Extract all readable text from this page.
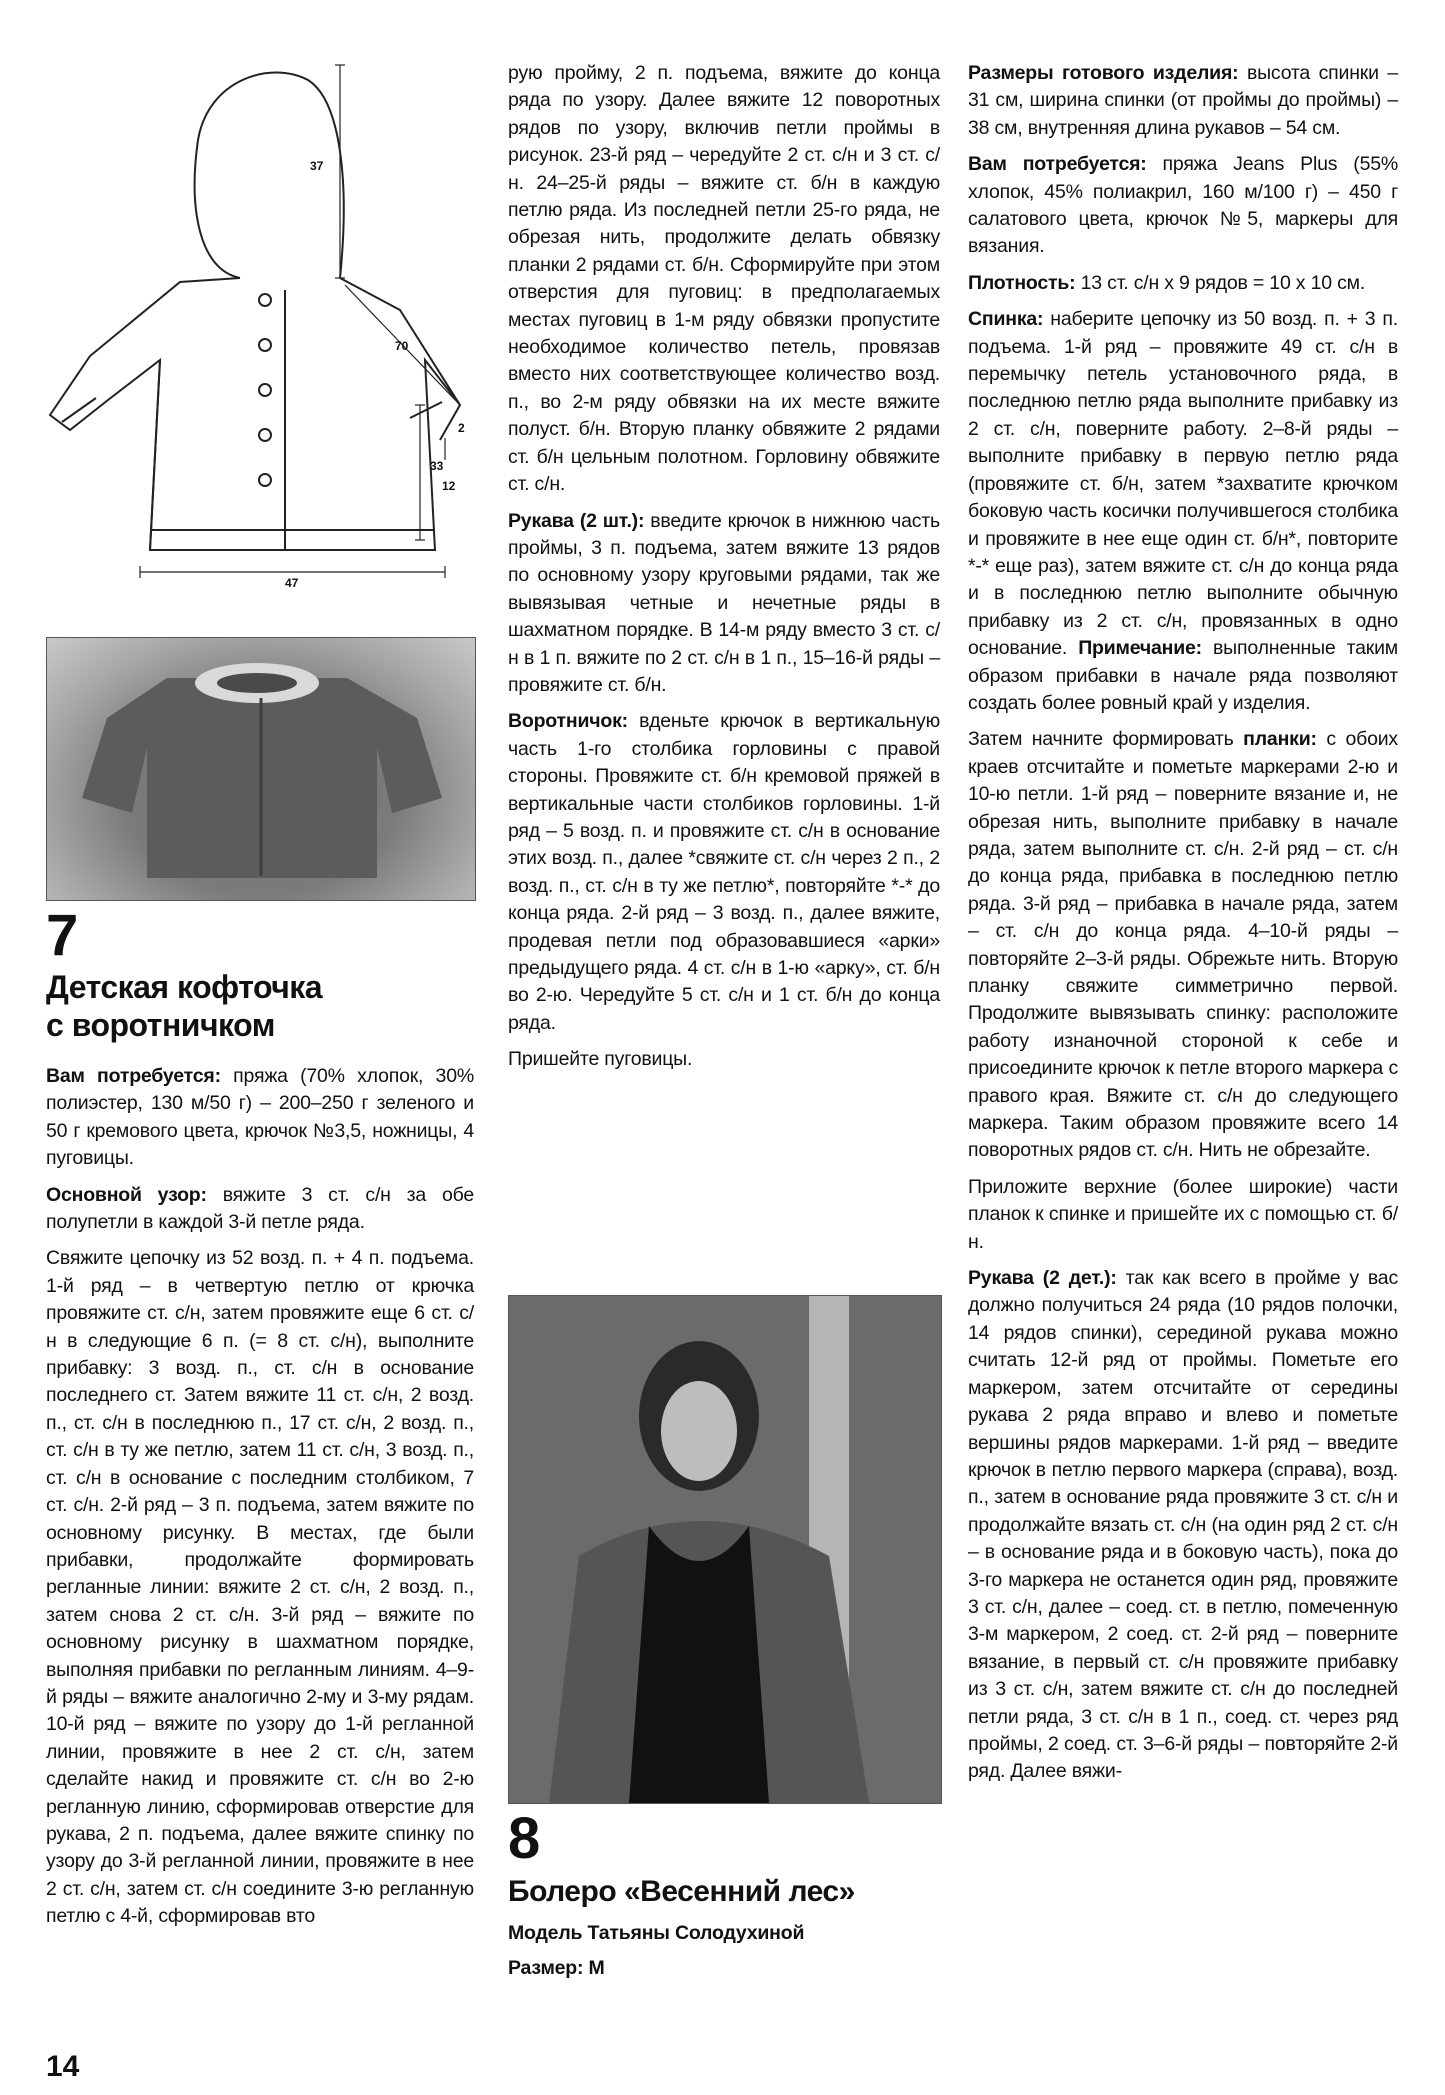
37
70
2
33
12
47
7
Детская кофточка
с воротничком

Вам потребуется: пряжа (70% хлопок, 30% полиэстер, 130 м/50 г) – 200–250 г зеленого и 50 г кремового цвета, крючок №3,5, ножницы, 4 пуговицы.

Основной узор: вяжите 3 ст. с/н за обе полупетли в каждой 3-й петле ряда.

Свяжите цепочку из 52 возд. п. + 4 п. подъема. 1-й ряд – в четвертую петлю от крючка провяжите ст. с/н, затем провяжите еще 6 ст. с/н в следующие 6 п. (= 8 ст. с/н), выполните прибавку: 3 возд. п., ст. с/н в основание последнего ст. Затем вяжите 11 ст. с/н, 2 возд. п., ст. с/н в последнюю п., 17 ст. с/н, 2 возд. п., ст. с/н в ту же петлю, затем 11 ст. с/н, 3 возд. п., ст. с/н в основание с последним столбиком, 7 ст. с/н. 2-й ряд – 3 п. подъема, затем вяжите по основному рисунку. В местах, где были прибавки, продолжайте формировать регланные линии: вяжите 2 ст. с/н, 2 возд. п., затем снова 2 ст. с/н. 3-й ряд – вяжите по основному рисунку в шахматном порядке, выполняя прибавки по регланным линиям. 4–9-й ряды – вяжите аналогично 2-му и 3-му рядам. 10-й ряд – вяжите по узору до 1-й регланной линии, провяжите в нее 2 ст. с/н, затем сделайте накид и провяжите ст. с/н во 2-ю регланную линию, сформировав отверстие для рукава, 2 п. подъема, далее вяжите спинку по узору до 3-й регланной линии, провяжите в нее 2 ст. с/н, затем ст. с/н соедините 3-ю регланную петлю с 4-й, сформировав вто

рую пройму, 2 п. подъема, вяжите до конца ряда по узору. Далее вяжите 12 поворотных рядов по узору, включив петли проймы в рисунок. 23-й ряд – чередуйте 2 ст. с/н и 3 ст. с/н. 24–25-й ряды – вяжите ст. б/н в каждую петлю ряда. Из последней петли 25-го ряда, не обрезая нить, продолжите делать обвязку планки 2 рядами ст. б/н. Сформируйте при этом отверстия для пуговиц: в предполагаемых местах пуговиц в 1-м ряду обвязки пропустите необходимое количество петель, провязав вместо них соответствующее количество возд. п., во 2-м ряду обвязки на их месте вяжите полуст. б/н. Вторую планку обвяжите 2 рядами ст. б/н цельным полотном. Горловину обвяжите ст. с/н.

Рукава (2 шт.): введите крючок в нижнюю часть проймы, 3 п. подъема, затем вяжите 13 рядов по основному узору круговыми рядами, так же вывязывая четные и нечетные ряды в шахматном порядке. В 14-м ряду вместо 3 ст. с/н в 1 п. вяжите по 2 ст. с/н в 1 п., 15–16-й ряды – провяжите ст. б/н.

Воротничок: вденьте крючок в вертикальную часть 1-го столбика горловины с правой стороны. Провяжите ст. б/н кремовой пряжей в вертикальные части столбиков горловины. 1-й ряд – 5 возд. п. и провяжите ст. с/н в основание этих возд. п., далее *свяжите ст. с/н через 2 п., 2 возд. п., ст. с/н в ту же петлю*, повторяйте *-* до конца ряда. 2-й ряд – 3 возд. п., далее вяжите, продевая петли под образовавшиеся «арки» предыдущего ряда. 4 ст. с/н в 1-ю «арку», ст. б/н во 2-ю. Чередуйте 5 ст. с/н и 1 ст. б/н до конца ряда.

Пришейте пуговицы.

8
Болеро «Весенний лес»
Модель Татьяны Солодухиной
Размер: M

Размеры готового изделия: высота спинки – 31 см, ширина спинки (от проймы до проймы) – 38 см, внутренняя длина рукавов – 54 см.

Вам потребуется: пряжа Jeans Plus (55% хлопок, 45% полиакрил, 160 м/100 г) – 450 г салатового цвета, крючок №5, маркеры для вязания.

Плотность: 13 ст. с/н х 9 рядов = 10 х 10 см.

Спинка: наберите цепочку из 50 возд. п. + 3 п. подъема. 1-й ряд – провяжите 49 ст. с/н в перемычку петель установочного ряда, в последнюю петлю ряда выполните прибавку из 2 ст. с/н, поверните работу. 2–8-й ряды – выполните прибавку в первую петлю ряда (провяжите ст. б/н, затем *захватите крючком боковую часть косички получившегося столбика и провяжите в нее еще один ст. б/н*, повторите *-* еще раз), затем вяжите ст. с/н до конца ряда и в последнюю петлю выполните обычную прибавку из 2 ст. с/н, провязанных в одно основание. Примечание: выполненные таким образом прибавки в начале ряда позволяют создать более ровный край у изделия.

Затем начните формировать планки: с обоих краев отсчитайте и пометьте маркерами 2-ю и 10-ю петли. 1-й ряд – поверните вязание и, не обрезая нить, выполните прибавку в начале ряда, затем выполните ст. с/н. 2-й ряд – ст. с/н до конца ряда, прибавка в последнюю петлю ряда. 3-й ряд – прибавка в начале ряда, затем – ст. с/н до конца ряда. 4–10-й ряды – повторяйте 2–3-й ряды. Обрежьте нить. Вторую планку свяжите симметрично первой. Продолжите вывязывать спинку: расположите работу изнаночной стороной к себе и присоедините крючок к петле второго маркера с правого края. Вяжите ст. с/н до следующего маркера. Таким образом провяжите всего 14 поворотных рядов ст. с/н. Нить не обрезайте.

Приложите верхние (более широкие) части планок к спинке и пришейте их с помощью ст. б/н.

Рукава (2 дет.): так как всего в пройме у вас должно получиться 24 ряда (10 рядов полочки, 14 рядов спинки), серединой рукава можно считать 12-й ряд от проймы. Пометьте его маркером, затем отсчитайте от середины рукава 2 ряда вправо и влево и пометьте вершины рядов маркерами. 1-й ряд – введите крючок в петлю первого маркера (справа), возд. п., затем в основание ряда провяжите 3 ст. с/н и продолжайте вязать ст. с/н (на один ряд 2 ст. с/н – в основание ряда и в боковую часть), пока до 3-го маркера не останется один ряд, провяжите 3 ст. с/н, далее – соед. ст. в петлю, помеченную 3-м маркером, 2 соед. ст. 2-й ряд – поверните вязание, в первый ст. с/н провяжите прибавку из 3 ст. с/н, затем вяжите ст. с/н до последней петли ряда, 3 ст. с/н в 1 п., соед. ст. через ряд проймы, 2 соед. ст. 3–6-й ряды – повторяйте 2-й ряд. Далее вяжи-

14
